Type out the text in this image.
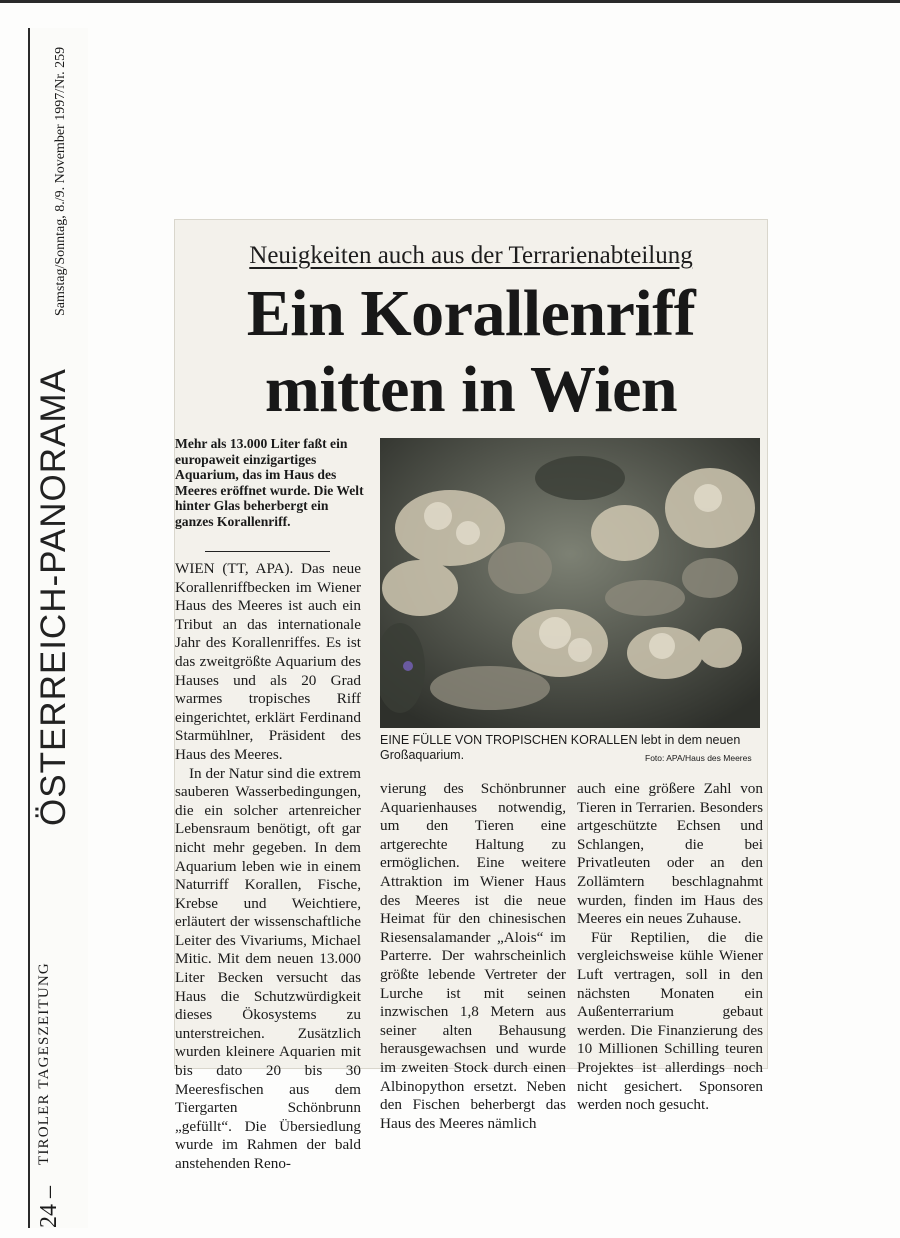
24 –
TIROLER TAGESZEITUNG
ÖSTERREICH-PANORAMA
Samstag/Sonntag, 8./9. November 1997/Nr. 259	Neuigkeiten auch aus der Terrarienabteilung
Ein Korallenriff
mitten in Wien
Mehr als 13.000 Liter faßt ein europaweit einzigartiges Aquarium, das im Haus des Meeres eröffnet wurde. Die Welt hinter Glas beherbergt ein ganzes Korallenriff.
EINE FÜLLE VON TROPISCHEN KORALLEN lebt in dem neuen Großaquarium.	Foto: APA/Haus des Meeres

WIEN (TT, APA). Das neue Korallenriffbecken im Wiener Haus des Meeres ist auch ein Tribut an das internationale Jahr des Korallenriffes. Es ist das zweitgrößte Aquarium des Hauses und als 20 Grad warmes tropisches Riff eingerichtet, erklärt Ferdinand Starmühlner, Präsident des Haus des Meeres.

In der Natur sind die extrem sauberen Wasserbedingungen, die ein solcher artenreicher Lebensraum benötigt, oft gar nicht mehr gegeben. In dem Aquarium leben wie in einem Naturriff Korallen, Fische, Krebse und Weichtiere, erläutert der wissenschaftliche Leiter des Vivariums, Michael Mitic. Mit dem neuen 13.000 Liter Becken versucht das Haus die Schutzwürdigkeit dieses Ökosystems zu unterstreichen. Zusätzlich wurden kleinere Aquarien mit bis dato 20 bis 30 Meeresfischen aus dem Tiergarten Schönbrunn „gefüllt“. Die Übersiedlung wurde im Rahmen der bald anstehenden Reno-

vierung des Schönbrunner Aquarienhauses notwendig, um den Tieren eine artgerechte Haltung zu ermöglichen. Eine weitere Attraktion im Wiener Haus des Meeres ist die neue Heimat für den chinesischen Riesensalamander „Alois“ im Parterre. Der wahrscheinlich größte lebende Vertreter der Lurche ist mit seinen inzwischen 1,8 Metern aus seiner alten Behausung herausgewachsen und wurde im zweiten Stock durch einen Albinopython ersetzt. Neben den Fischen beherbergt das Haus des Meeres nämlich

auch eine größere Zahl von Tieren in Terrarien. Besonders artgeschützte Echsen und Schlangen, die bei Privatleuten oder an den Zollämtern beschlagnahmt wurden, finden im Haus des Meeres ein neues Zuhause.

Für Reptilien, die die vergleichsweise kühle Wiener Luft vertragen, soll in den nächsten Monaten ein Außenterrarium gebaut werden. Die Finanzierung des 10 Millionen Schilling teuren Projektes ist allerdings noch nicht gesichert. Sponsoren werden noch gesucht.
